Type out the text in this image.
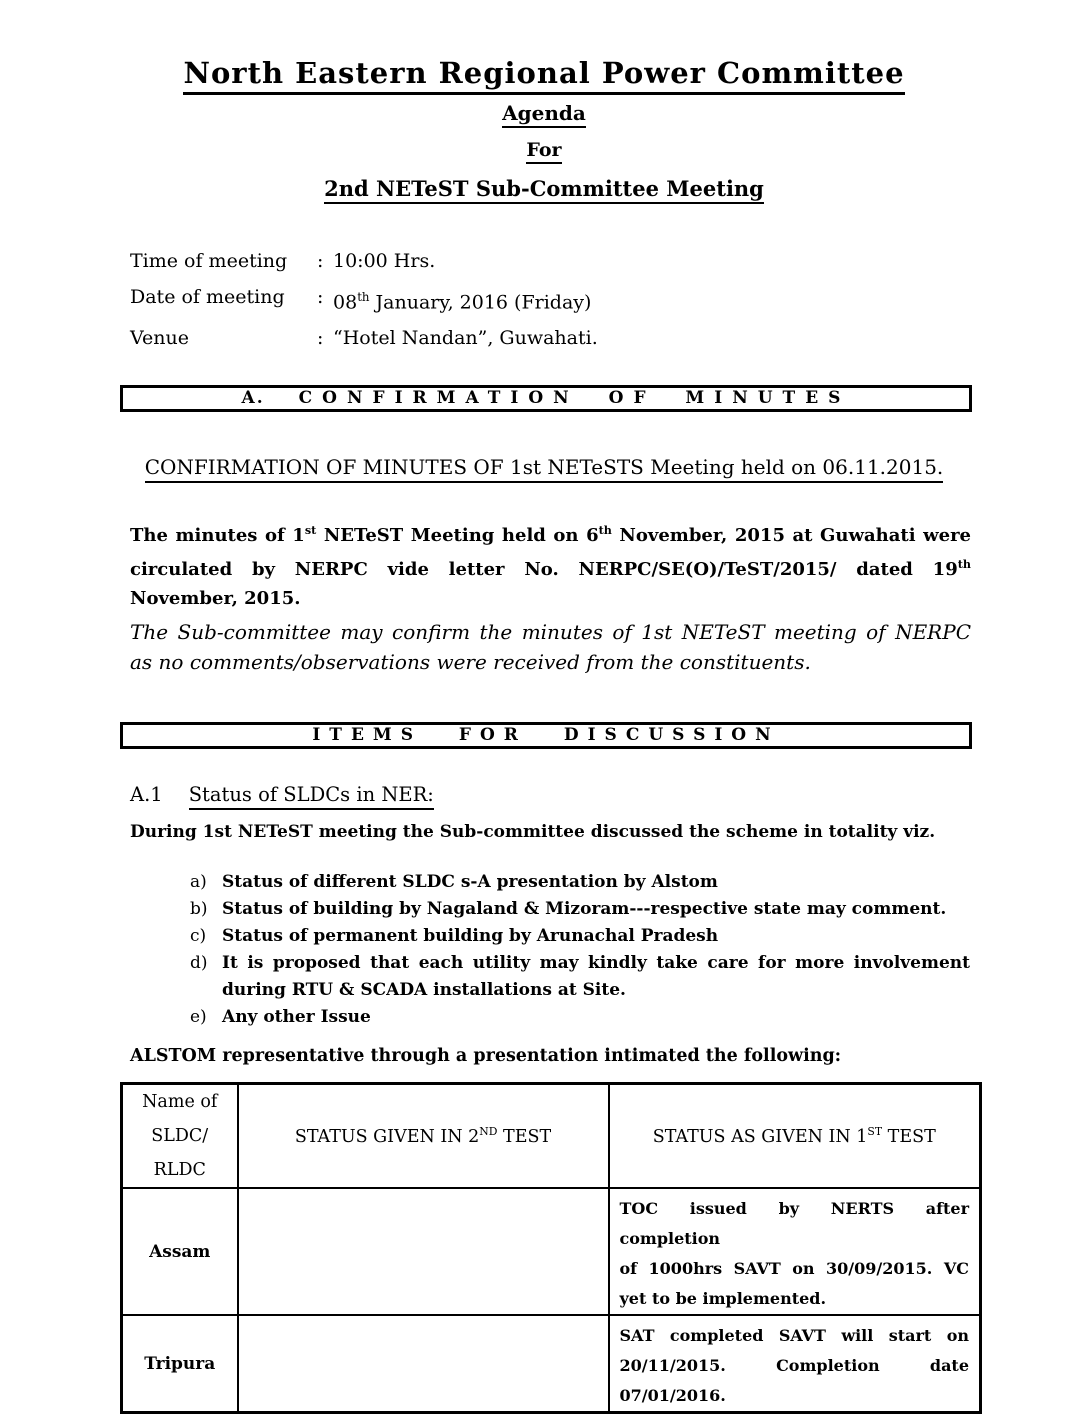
North Eastern Regional Power Committee
Agenda
For
2nd NETeST Sub-Committee Meeting
Time of meeting	: 10:00 Hrs.
Date of meeting	: 08th January, 2016 (Friday)
Venue	: “Hotel Nandan”, Guwahati.
A. CONFIRMATION OF MINUTES
CONFIRMATION OF MINUTES OF 1st NETeSTS Meeting held on 06.11.2015.
The minutes of 1st NETeST Meeting held on 6th November, 2015 at Guwahati were
circulated by NERPC vide letter No. NERPC/SE(O)/TeST/2015/ dated 19th
November, 2015.
The Sub-committee may confirm the minutes of 1st NETeST meeting of NERPC
as no comments/observations were received from the constituents.
ITEMS FOR DISCUSSION
A.1 Status of SLDCs in NER:
During 1st NETeST meeting the Sub-committee discussed the scheme in totality viz.
a) Status of different SLDC s-A presentation by Alstom
b) Status of building by Nagaland & Mizoram---respective state may comment.
c) Status of permanent building by Arunachal Pradesh
d) It is proposed that each utility may kindly take care for more involvement
during RTU & SCADA installations at Site.
e) Any other Issue
ALSTOM representative through a presentation intimated the following:
Name of
SLDC/
RLDC	STATUS GIVEN IN 2ND TEST	STATUS AS GIVEN IN 1ST TEST
Assam		TOC issued by NERTS after completion
of 1000hrs SAVT on 30/09/2015. VC
yet to be implemented.

Tripura		SAT completed SAVT will start on
20/11/2015. Completion date
07/01/2016.
